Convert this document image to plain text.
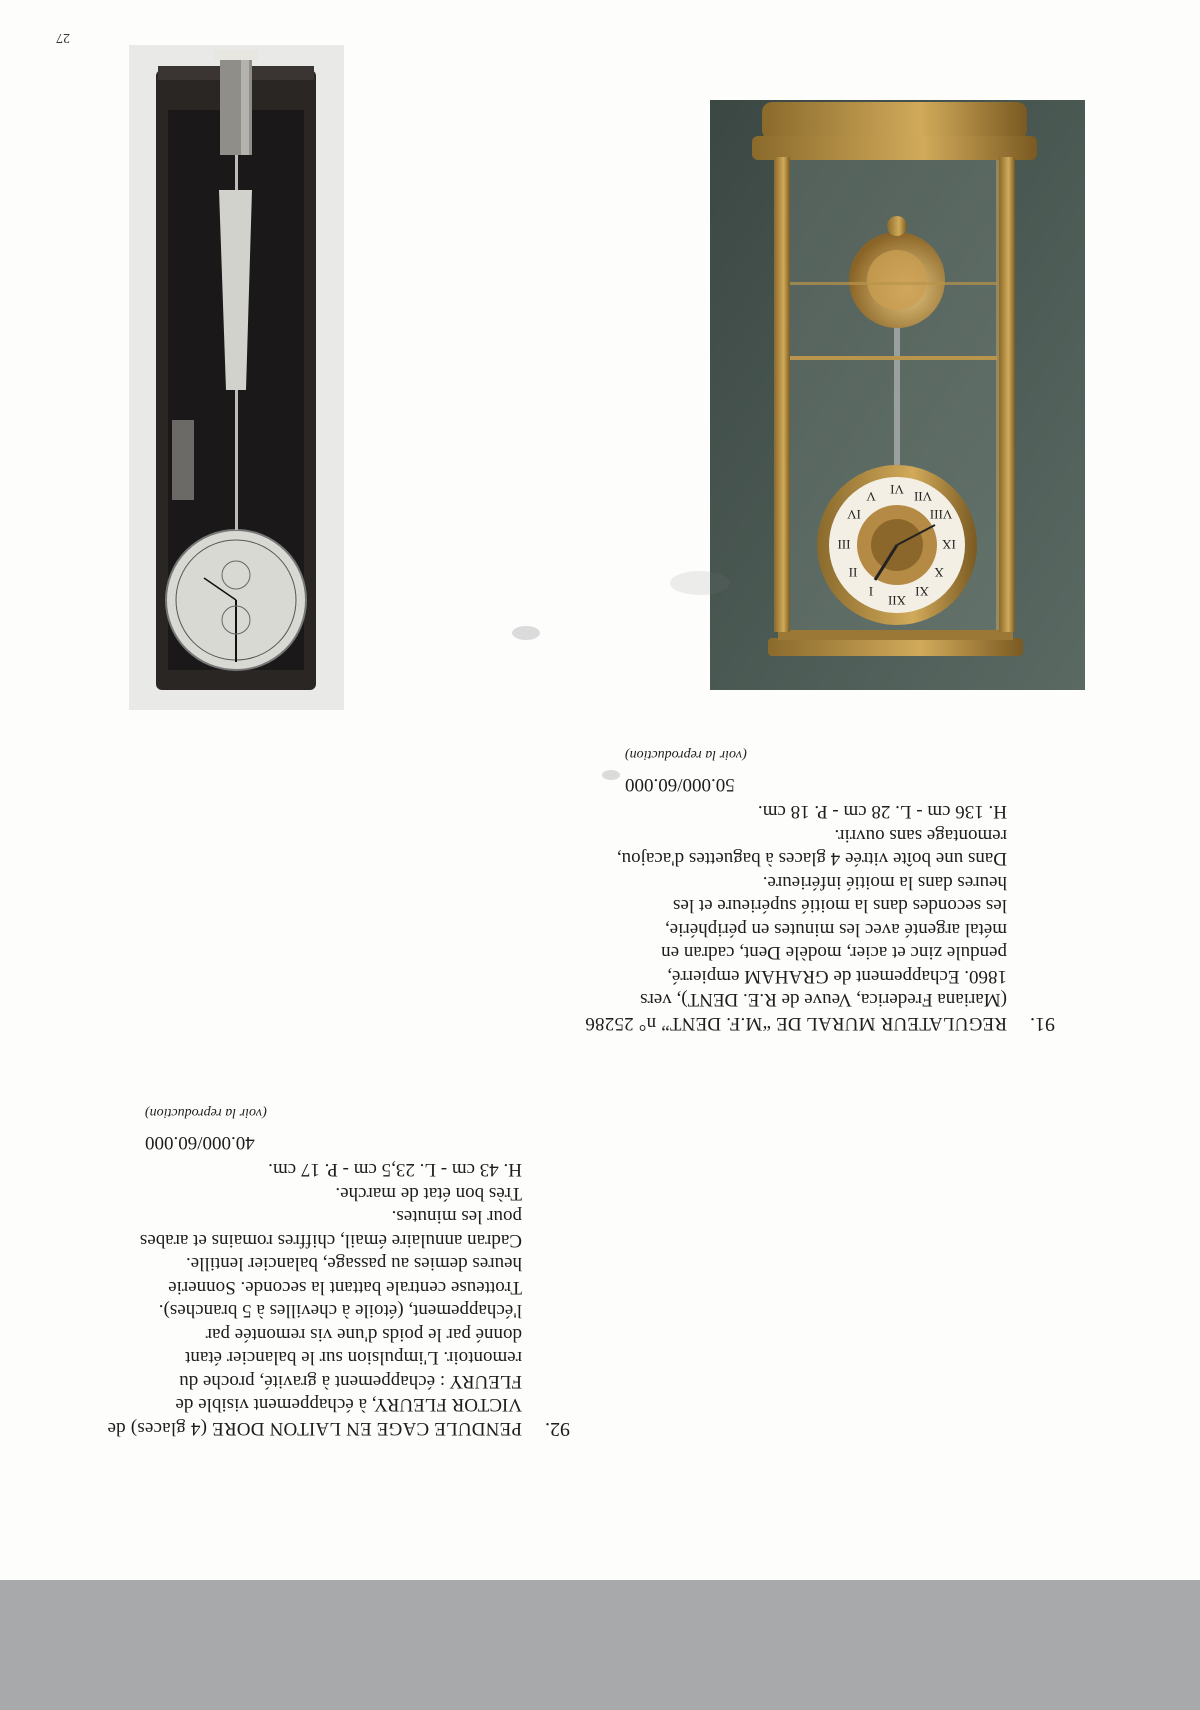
27
XII
III
VI
IX
I
II
IV
V	VII
VIII
X
XI
92.
PENDULE CAGE EN LAITON DORE (4 glaces) de
VICTOR FLEURY, à échappement visible de
FLEURY : échappement à gravité, proche du
remontoir. L'impulsion sur le balancier étant
donné par le poids d'une vis remontée par
l'échappement, (étoile à chevilles à 5 branches).
Trotteuse centrale battant la seconde. Sonnerie
heures demies au passage, balancier lentille.
Cadran annulaire émail, chiffres romains et arabes
pour les minutes.
Très bon état de marche.
H. 43 cm - L. 23,5 cm - P. 17 cm.
40.000/60.000
(voir la reproduction)
91.
REGULATEUR MURAL DE “M.F. DENT” n° 25286
(Mariana Frederica, Veuve de R.E. DENT), vers
1860. Echappement de GRAHAM empierré,
pendule zinc et acier, modèle Dent, cadran en
métal argenté avec les minutes en périphérie,
les secondes dans la moitié supérieure et les
heures dans la moitié inférieure.
Dans une boîte vitrée 4 glaces à baguettes d'acajou,
remontage sans ouvrir.
H. 136 cm - L. 28 cm - P. 18 cm.
50.000/60.000
(voir la reproduction)
